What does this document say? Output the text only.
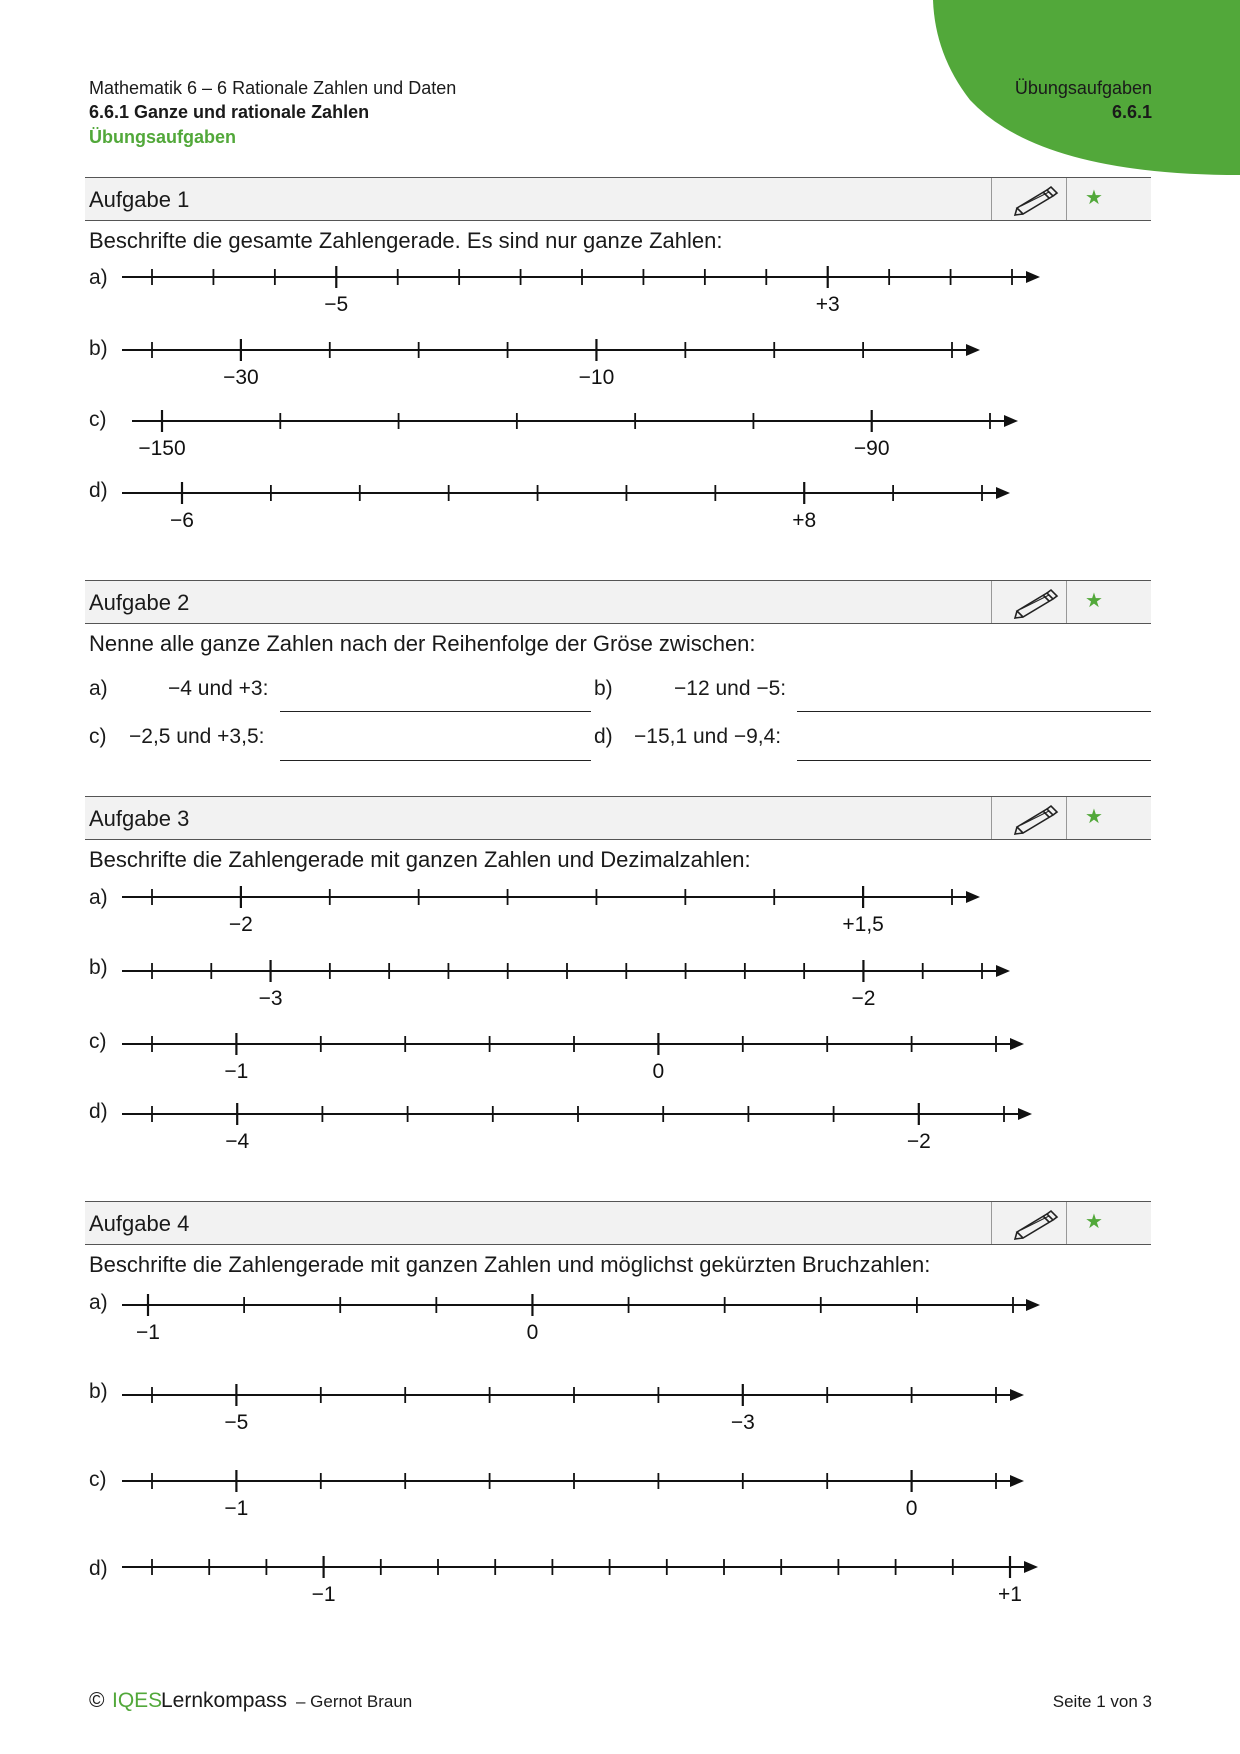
Mathematik 6 – 6 Rationale Zahlen und Daten
6.6.1 Ganze und rationale Zahlen
Übungsaufgaben
Übungsaufgaben
6.6.1
Aufgabe 1	★
Beschrifte die gesamte Zahlengerade. Es sind nur ganze Zahlen:
a)
b)
c)
d)
−5	+3
−30	−10
−150	−90
−6	+8
Aufgabe 2	★
Nenne alle ganze Zahlen nach der Reihenfolge der Gröse zwischen:
a)	−4 und +3:	b)	−12 und −5:
c) −2,5 und +3,5:	d) −15,1 und −9,4:
Aufgabe 3	★
Beschrifte die Zahlengerade mit ganzen Zahlen und Dezimalzahlen:
a)
b)
c)
d)
−2	+1,5
−3	−2
−1	0
−4	−2
Aufgabe 4	★
Beschrifte die Zahlengerade mit ganzen Zahlen und möglichst gekürzten Bruchzahlen:
a)
b)
c)
d)
−1	0
−5	−3
−1	0
−1	+1
© IQES
Lernkompass – Gernot Braun	Seite 1 von 3
